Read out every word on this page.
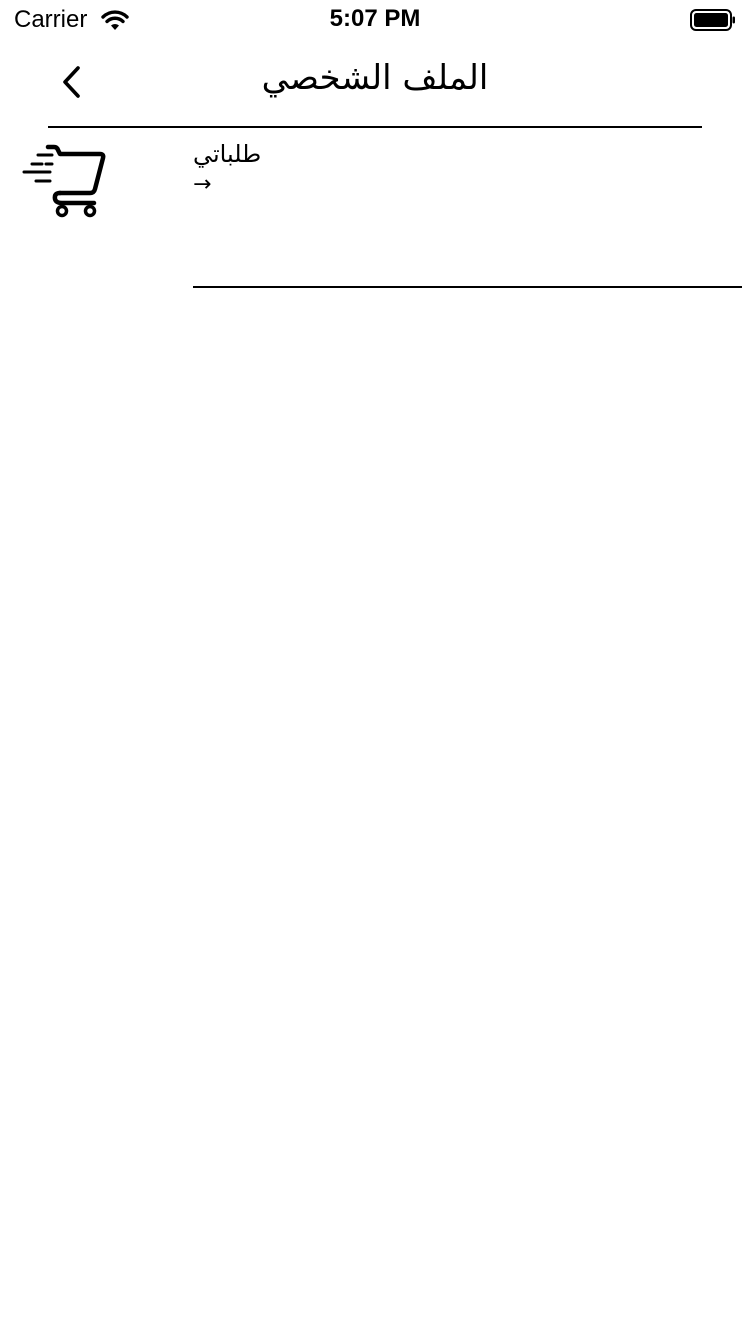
Carrier	5:07 PM
الملف الشخصي
طلباتي
→
